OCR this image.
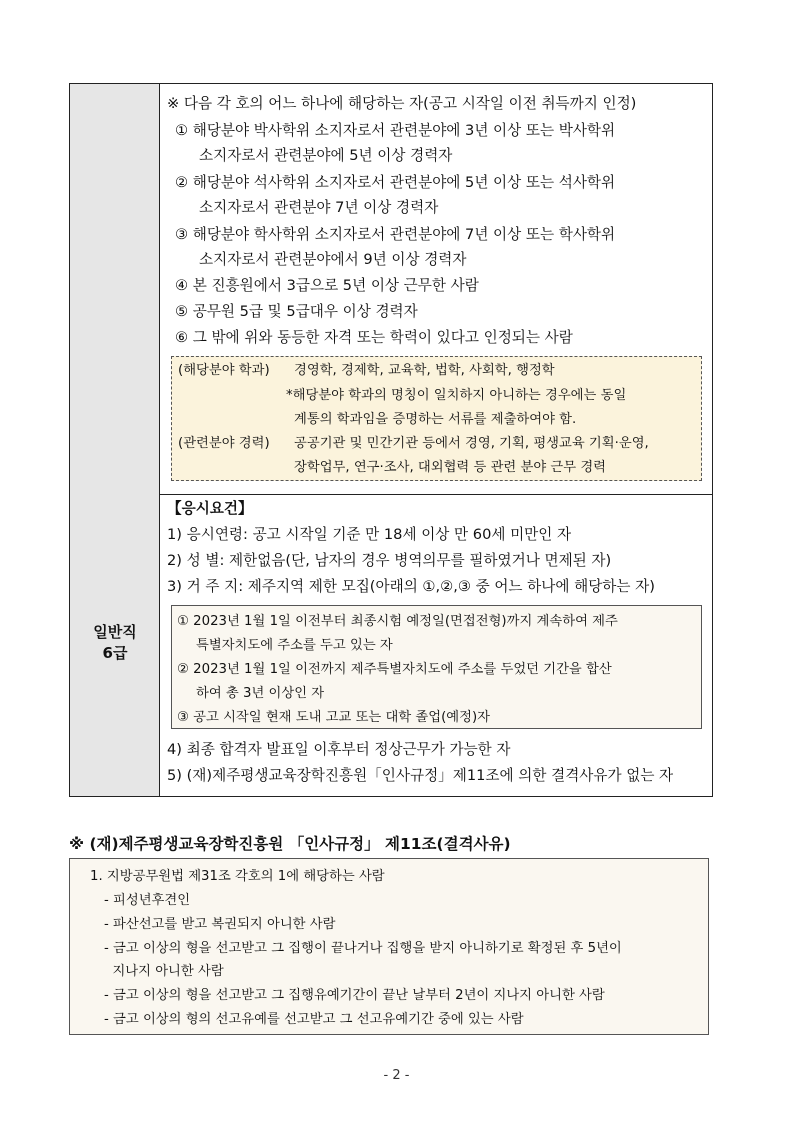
※ 다음 각 호의 어느 하나에 해당하는 자(공고 시작일 이전 취득까지 인정)
① 해당분야 박사학위 소지자로서 관련분야에 3년 이상 또는 박사학위
소지자로서 관련분야에 5년 이상 경력자
② 해당분야 석사학위 소지자로서 관련분야에 5년 이상 또는 석사학위
소지자로서 관련분야 7년 이상 경력자
③ 해당분야 학사학위 소지자로서 관련분야에 7년 이상 또는 학사학위
소지자로서 관련분야에서 9년 이상 경력자
④ 본 진흥원에서 3급으로 5년 이상 근무한 사람
⑤ 공무원 5급 및 5급대우 이상 경력자
⑥ 그 밖에 위와 동등한 자격 또는 학력이 있다고 인정되는 사람
(해당분야 학과) 경영학, 경제학, 교육학, 법학, 사회학, 행정학
*해당분야 학과의 명칭이 일치하지 아니하는 경우에는 동일
계통의 학과임을 증명하는 서류를 제출하여야 함.
(관련분야 경력) 공공기관 및 민간기관 등에서 경영, 기획, 평생교육 기획·운영,
장학업무, 연구·조사, 대외협력 등 관련 분야 근무 경력
일반직
6급
【응시요건】
1) 응시연령: 공고 시작일 기준 만 18세 이상 만 60세 미만인 자
2) 성 별: 제한없음(단, 남자의 경우 병역의무를 필하였거나 면제된 자)
3) 거 주 지: 제주지역 제한 모집(아래의 ①,②,③ 중 어느 하나에 해당하는 자)
① 2023년 1월 1일 이전부터 최종시험 예정일(면접전형)까지 계속하여 제주
특별자치도에 주소를 두고 있는 자
② 2023년 1월 1일 이전까지 제주특별자치도에 주소를 두었던 기간을 합산
하여 총 3년 이상인 자
③ 공고 시작일 현재 도내 고교 또는 대학 졸업(예정)자
4) 최종 합격자 발표일 이후부터 정상근무가 가능한 자
5) (재)제주평생교육장학진흥원「인사규정」제11조에 의한 결격사유가 없는 자
※ (재)제주평생교육장학진흥원 「인사규정」 제11조(결격사유)
1. 지방공무원법 제31조 각호의 1에 해당하는 사람
- 피성년후견인
- 파산선고를 받고 복권되지 아니한 사람
- 금고 이상의 형을 선고받고 그 집행이 끝나거나 집행을 받지 아니하기로 확정된 후 5년이
지나지 아니한 사람
- 금고 이상의 형을 선고받고 그 집행유예기간이 끝난 날부터 2년이 지나지 아니한 사람
- 금고 이상의 형의 선고유예를 선고받고 그 선고유예기간 중에 있는 사람
- 2 -
